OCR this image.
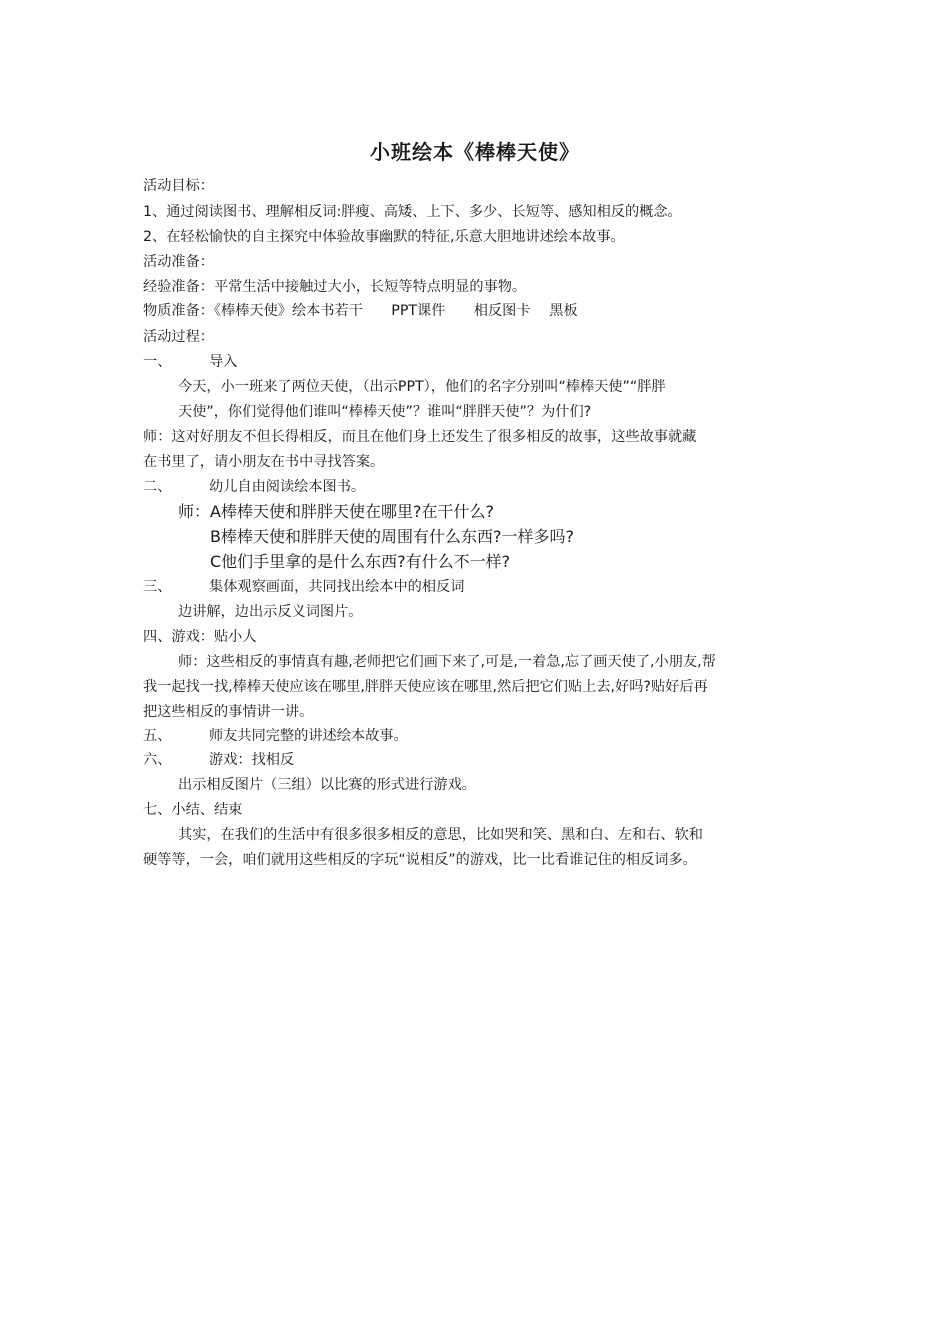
小班绘本《棒棒天使》
活动目标：
1、通过阅读图书、理解相反词:胖瘦、高矮、上下、多少、长短等、感知相反的概念。
2、在轻松愉快的自主探究中体验故事幽默的特征,乐意大胆地讲述绘本故事。
活动准备：
经验准备：平常生活中接触过大小，长短等特点明显的事物。
物质准备：《棒棒天使》绘本书若干　　PPT课件　　相反图卡　 黑板
活动过程：
一、	导入
今天，小一班来了两位天使，（出示PPT），他们的名字分别叫“棒棒天使”“胖胖
天使”，你们觉得他们谁叫“棒棒天使”？谁叫“胖胖天使”？为什们?
师：这对好朋友不但长得相反，而且在他们身上还发生了很多相反的故事，这些故事就藏
在书里了，请小朋友在书中寻找答案。
二、	幼儿自由阅读绘本图书。
师：A棒棒天使和胖胖天使在哪里?在干什么?
B棒棒天使和胖胖天使的周围有什么东西?一样多吗?
C他们手里拿的是什么东西?有什么不一样?
三、	集体观察画面，共同找出绘本中的相反词
边讲解，边出示反义词图片。
四、游戏：贴小人
师：这些相反的事情真有趣,老师把它们画下来了,可是,一着急,忘了画天使了,小朋友,帮
我一起找一找,棒棒天使应该在哪里,胖胖天使应该在哪里,然后把它们贴上去,好吗?贴好后再
把这些相反的事情讲一讲。
五、	师友共同完整的讲述绘本故事。
六、	游戏：找相反
出示相反图片（三组）以比赛的形式进行游戏。
七、小结、结束
其实，在我们的生活中有很多很多相反的意思，比如哭和笑、黑和白、左和右、软和
硬等等，一会，咱们就用这些相反的字玩“说相反”的游戏，比一比看谁记住的相反词多。
